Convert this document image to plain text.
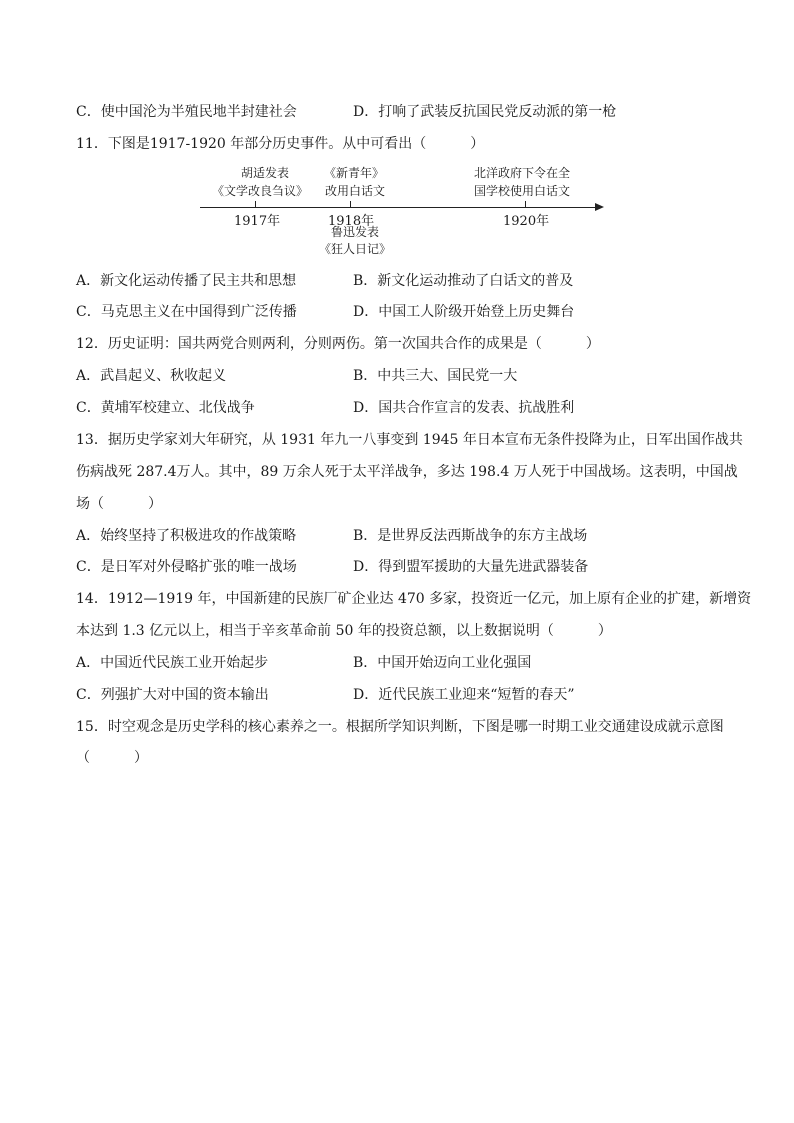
C．使中国沦为半殖民地半封建社会	D．打响了武装反抗国民党反动派的第一枪
11．下图是1917-1920 年部分历史事件。从中可看出（	）
胡适发表
《文学改良刍议》
《新青年》
改用白话文
北洋政府下令在全
国学校使用白话文
1917年	1918年	1920年
鲁迅发表
《狂人日记》
A．新文化运动传播了民主共和思想	B．新文化运动推动了白话文的普及
C．马克思主义在中国得到广泛传播	D．中国工人阶级开始登上历史舞台
12．历史证明：国共两党合则两利，分则两伤。第一次国共合作的成果是（	）
A．武昌起义、秋收起义	B．中共三大、国民党一大
C．黄埔军校建立、北伐战争	D．国共合作宣言的发表、抗战胜利
13．据历史学家刘大年研究，从 1931 年九一八事变到 1945 年日本宣布无条件投降为止，日军出国作战共
伤病战死 287.4万人。其中，89 万余人死于太平洋战争，多达 198.4 万人死于中国战场。这表明，中国战
场（	）
A．始终坚持了积极进攻的作战策略	B．是世界反法西斯战争的东方主战场
C．是日军对外侵略扩张的唯一战场	D．得到盟军援助的大量先进武器装备
14．1912—1919 年，中国新建的民族厂矿企业达 470 多家，投资近一亿元，加上原有企业的扩建，新增资
本达到 1.3 亿元以上，相当于辛亥革命前 50 年的投资总额，以上数据说明（	）
A．中国近代民族工业开始起步	B．中国开始迈向工业化强国
C．列强扩大对中国的资本输出	D．近代民族工业迎来“短暂的春天”
15．时空观念是历史学科的核心素养之一。根据所学知识判断，下图是哪一时期工业交通建设成就示意图
（	）
